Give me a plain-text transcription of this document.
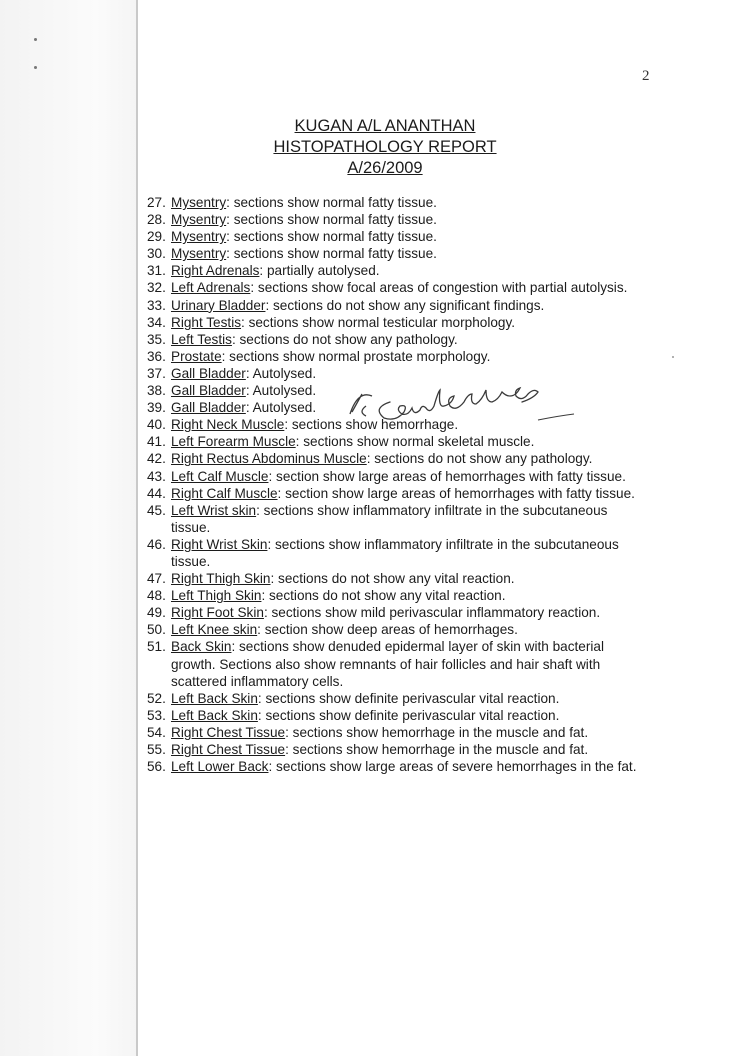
2
KUGAN A/L ANANTHAN
HISTOPATHOLOGY REPORT
A/26/2009
27. Mysentry: sections show normal fatty tissue.
28. Mysentry: sections show normal fatty tissue.
29. Mysentry: sections show normal fatty tissue.
30. Mysentry: sections show normal fatty tissue.
31. Right Adrenals: partially autolysed.
32. Left Adrenals: sections show focal areas of congestion with partial autolysis.
33. Urinary Bladder: sections do not show any significant findings.
34. Right Testis: sections show normal testicular morphology.
35. Left Testis: sections do not show any pathology.
36. Prostate: sections show normal prostate morphology.
37. Gall Bladder: Autolysed.
38. Gall Bladder: Autolysed.
39. Gall Bladder: Autolysed.
40. Right Neck Muscle: sections show hemorrhage.
41. Left Forearm Muscle: sections show normal skeletal muscle.
42. Right Rectus Abdominus Muscle: sections do not show any pathology.
43. Left Calf Muscle: section show large areas of hemorrhages with fatty tissue.
44. Right Calf Muscle: section show large areas of hemorrhages with fatty tissue.
45. Left Wrist skin: sections show inflammatory infiltrate in the subcutaneous tissue.
46. Right Wrist Skin: sections show inflammatory infiltrate in the subcutaneous tissue.
47. Right Thigh Skin: sections do not show any vital reaction.
48. Left Thigh Skin: sections do not show any vital reaction.
49. Right Foot Skin: sections show mild perivascular inflammatory reaction.
50. Left Knee skin: section show deep areas of hemorrhages.
51. Back Skin: sections show denuded epidermal layer of skin with bacterial growth. Sections also show remnants of hair follicles and hair shaft with scattered inflammatory cells.
52. Left Back Skin: sections show definite perivascular vital reaction.
53. Left Back Skin: sections show definite perivascular vital reaction.
54. Right Chest Tissue: sections show hemorrhage in the muscle and fat.
55. Right Chest Tissue: sections show hemorrhage in the muscle and fat.
56. Left Lower Back: sections show large areas of severe hemorrhages in the fat.
